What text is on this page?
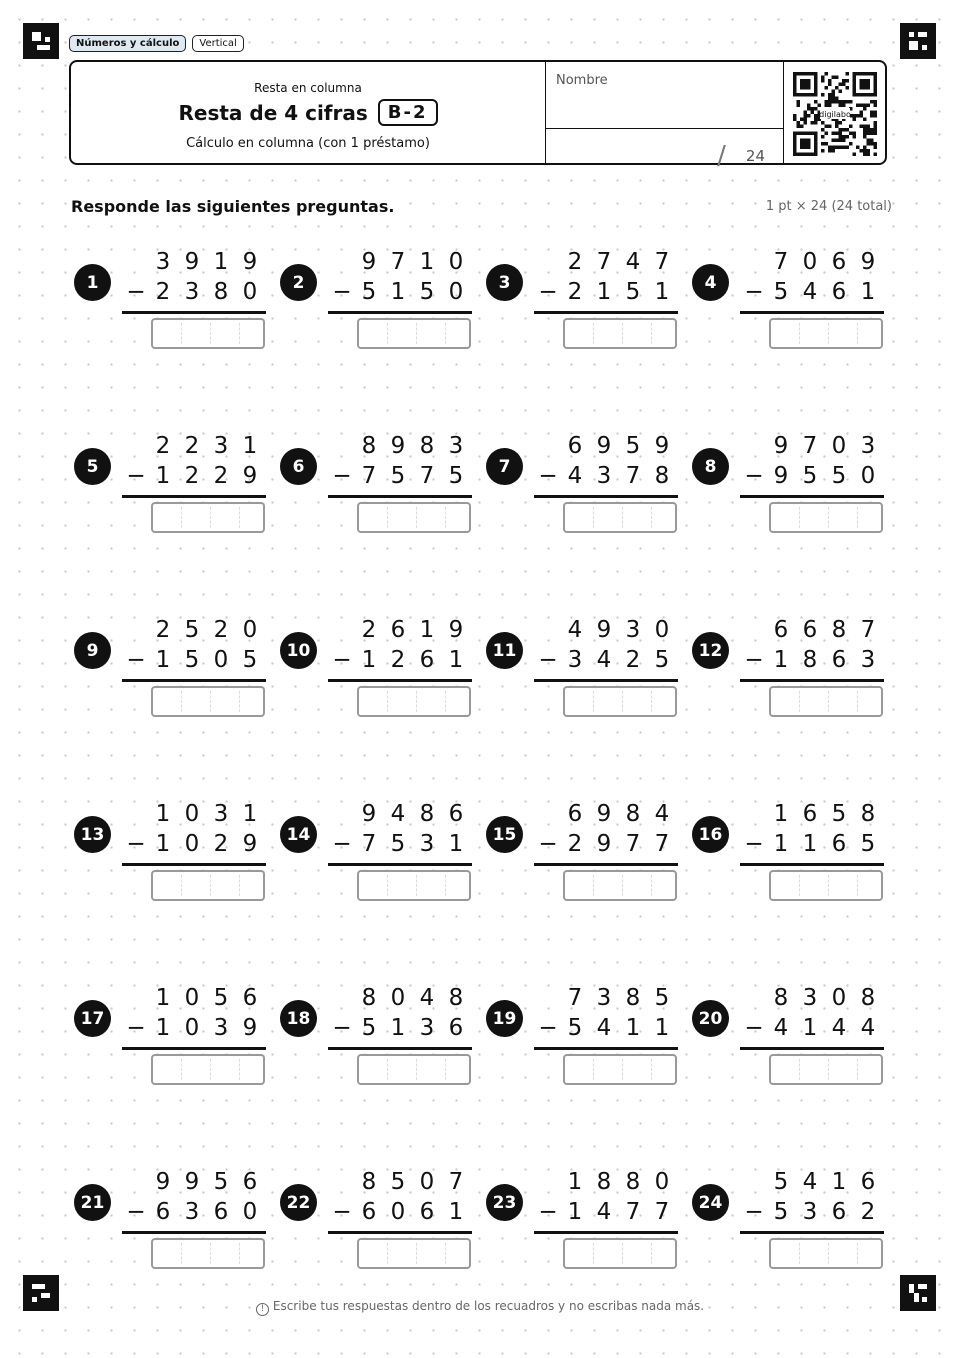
Números y cálculo	Vertical
Resta en columna
Resta de 4 cifras	B-2
Cálculo en columna (con 1 préstamo)
Nombre
/ 24
digilabo
Responde las siguientes preguntas.	1 pt × 24 (24 total)
1
3 9 1 9
− 2 3 8 0	2
9 7 1 0
− 5 1 5 0	3
2 7 4 7
− 2 1 5 1	4
7 0 6 9
− 5 4 6 1
5
2 2 3 1
− 1 2 2 9	6
8 9 8 3
− 7 5 7 5	7
6 9 5 9
− 4 3 7 8	8
9 7 0 3
− 9 5 5 0
9
2 5 2 0
− 1 5 0 5	10
2 6 1 9
− 1 2 6 1	11
4 9 3 0
− 3 4 2 5	12
6 6 8 7
− 1 8 6 3
13
1 0 3 1
− 1 0 2 9	14
9 4 8 6
− 7 5 3 1	15
6 9 8 4
− 2 9 7 7	16
1 6 5 8
− 1 1 6 5
17
1 0 5 6
− 1 0 3 9	18
8 0 4 8
− 5 1 3 6	19
7 3 8 5
− 5 4 1 1	20
8 3 0 8
− 4 1 4 4
21
9 9 5 6
− 6 3 6 0	22
8 5 0 7
− 6 0 6 1	23
1 8 8 0
− 1 4 7 7	24
5 4 1 6
− 5 3 6 2
! Escribe tus respuestas dentro de los recuadros y no escribas nada más.
